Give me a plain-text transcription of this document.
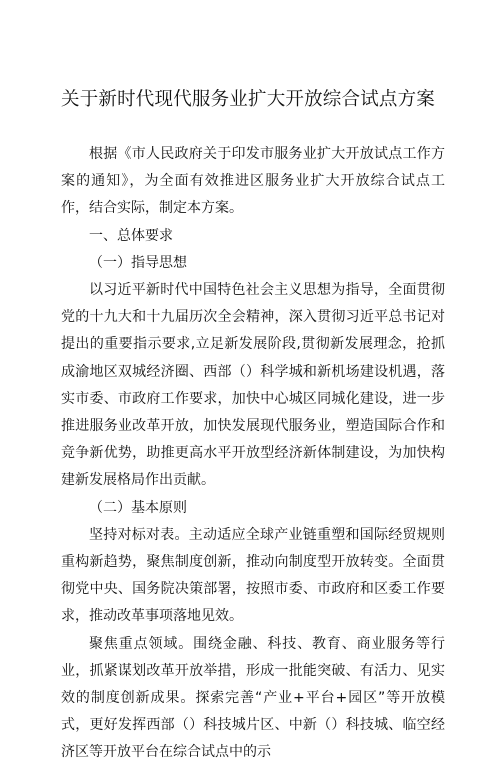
关于新时代现代服务业扩大开放综合试点方案

根据《市人民政府关于印发市服务业扩大开放试点工作方案的通知》，为全面有效推进区服务业扩大开放综合试点工作，结合实际，制定本方案。

一、总体要求

（一）指导思想

以习近平新时代中国特色社会主义思想为指导，全面贯彻党的十九大和十九届历次全会精神，深入贯彻习近平总书记对提出的重要指示要求,立足新发展阶段,贯彻新发展理念，抢抓成渝地区双城经济圈、西部（）科学城和新机场建设机遇，落实市委、市政府工作要求，加快中心城区同城化建设，进一步推进服务业改革开放，加快发展现代服务业，塑造国际合作和竞争新优势，助推更高水平开放型经济新体制建设，为加快构建新发展格局作出贡献。

（二）基本原则

坚持对标对表。主动适应全球产业链重塑和国际经贸规则重构新趋势，聚焦制度创新，推动向制度型开放转变。全面贯彻党中央、国务院决策部署，按照市委、市政府和区委工作要求，推动改革事项落地见效。

聚焦重点领域。围绕金融、科技、教育、商业服务等行业，抓紧谋划改革开放举措，形成一批能突破、有活力、见实效的制度创新成果。探索完善“产业+平台+园区”等开放模式，更好发挥西部（）科技城片区、中新（）科技城、临空经济区等开放平台在综合试点中的示
